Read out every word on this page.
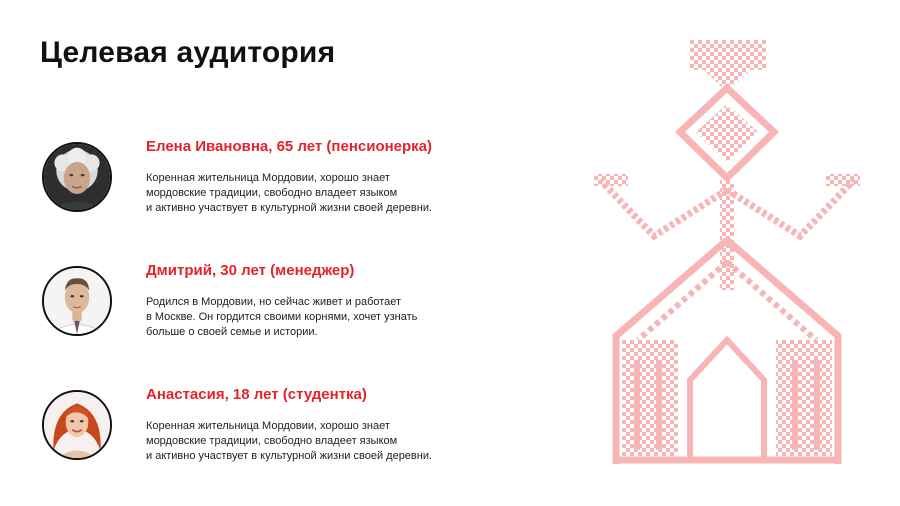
Целевая аудитория
Елена Ивановна, 65 лет (пенсионерка)
Коренная жительница Мордовии, хорошо знает
мордовские традиции, свободно владеет языком
и активно участвует в культурной жизни своей деревни.
Дмитрий, 30 лет (менеджер)
Родился в Мордовии, но сейчас живет и работает
в Москве. Он гордится своими корнями, хочет узнать
больше о своей семье и истории.
Анастасия, 18 лет (студентка)
Коренная жительница Мордовии, хорошо знает
мордовские традиции, свободно владеет языком
и активно участвует в культурной жизни своей деревни.
